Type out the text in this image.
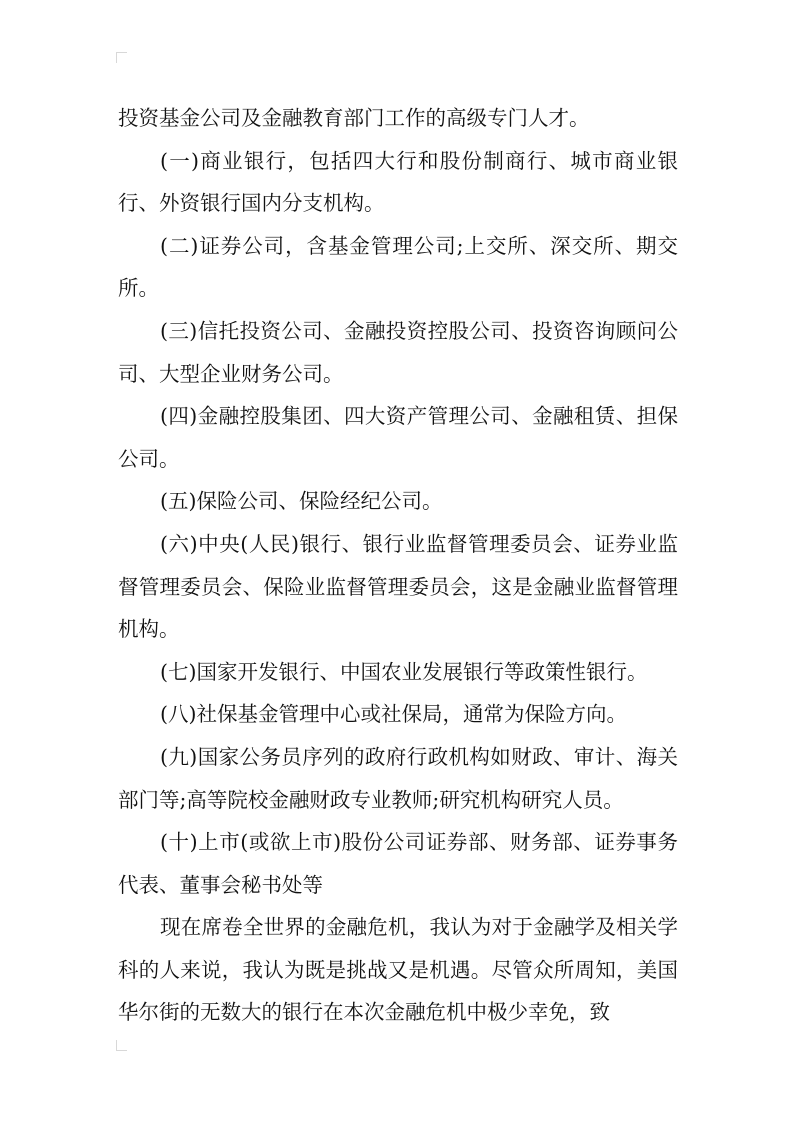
投资基金公司及金融教育部门工作的高级专门人才。

(一)商业银行，包括四大行和股份制商行、城市商业银行、外资银行国内分支机构。

(二)证券公司，含基金管理公司;上交所、深交所、期交所。

(三)信托投资公司、金融投资控股公司、投资咨询顾问公司、大型企业财务公司。

(四)金融控股集团、四大资产管理公司、金融租赁、担保公司。

(五)保险公司、保险经纪公司。

(六)中央(人民)银行、银行业监督管理委员会、证券业监督管理委员会、保险业监督管理委员会，这是金融业监督管理机构。

(七)国家开发银行、中国农业发展银行等政策性银行。

(八)社保基金管理中心或社保局，通常为保险方向。

(九)国家公务员序列的政府行政机构如财政、审计、海关部门等;高等院校金融财政专业教师;研究机构研究人员。

(十)上市(或欲上市)股份公司证券部、财务部、证券事务代表、董事会秘书处等

现在席卷全世界的金融危机，我认为对于金融学及相关学科的人来说，我认为既是挑战又是机遇。尽管众所周知，美国华尔街的无数大的银行在本次金融危机中极少幸免，致
